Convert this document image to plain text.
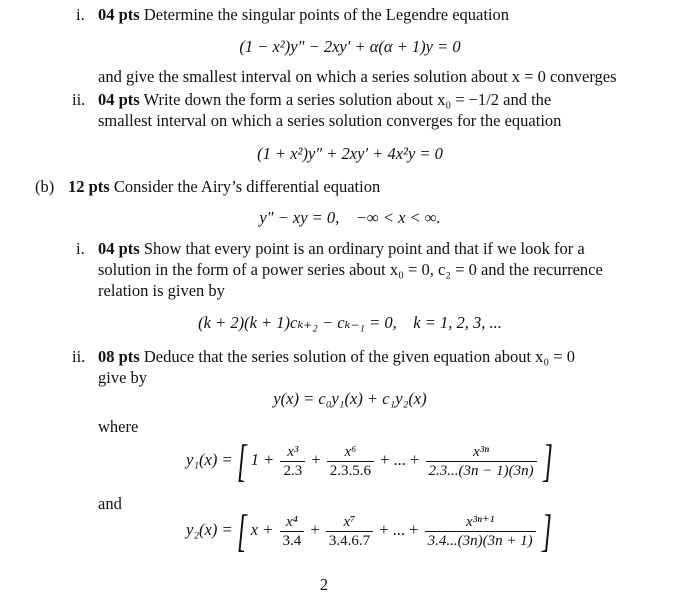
i. 04 pts Determine the singular points of the Legendre equation
(1 − x²)y″ − 2xy′ + α(α + 1)y = 0
and give the smallest interval on which a series solution about x = 0 converges
ii. 04 pts Write down the form a series solution about x₀ = −1/2 and the
smallest interval on which a series solution converges for the equation
(1 + x²)y″ + 2xy′ + 4x²y = 0
(b) 12 pts Consider the Airy’s differential equation
y″ − xy = 0,    −∞ < x < ∞.
i. 04 pts Show that every point is an ordinary point and that if we look for a
solution in the form of a power series about x₀ = 0, c₂ = 0 and the recurrence
relation is given by
(k + 2)(k + 1)cₖ₊₂ − cₖ₋₁ = 0,    k = 1, 2, 3, ...
ii. 08 pts Deduce that the series solution of the given equation about x₀ = 0
give by
y(x) = c₀y₁(x) + c₁y₂(x)
where
y₁(x) = [ $1 + \frac{\text{x³}}{2.3} + \frac{\text{x⁶}}{2.3.5.6}$ + ... + $\frac{\text{x³ⁿ}}{2.3...(3n - 1)(3n)}$ ]
and
y₂(x) = [ $x + \frac{\text{x⁴}}{3.4} + \frac{\text{x⁷}}{3.4.6.7}$ + ... + $\frac{\text{x³ⁿ⁺¹}}{3.4...(3n)(3n + 1)}$ ]
2
